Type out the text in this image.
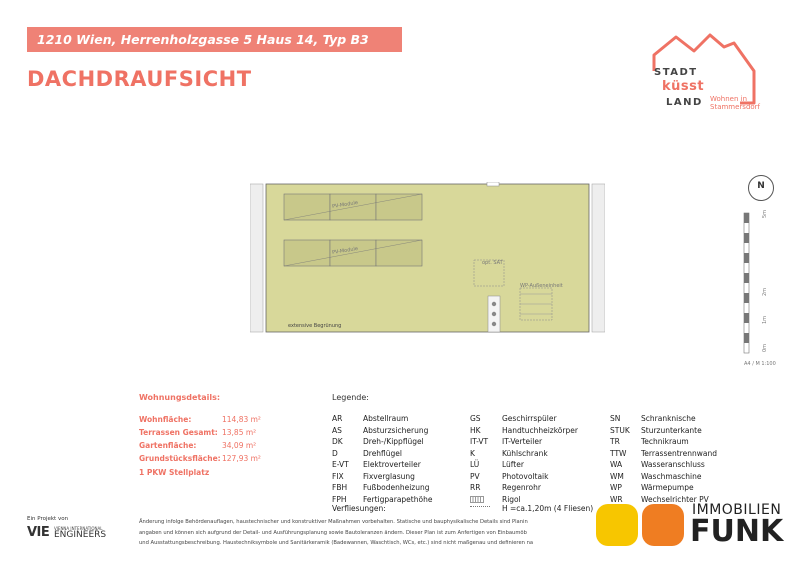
1210 Wien, Herrenholzgasse 5 Haus 14, Typ B3
DACHDRAUFSICHT	STADT
küsst
LAND Wohnen in
Stammersdorf
PV-Module
PV-Module
opt. SAT
WP-Außeneinheit
extensive Begrünung
N
5m
2m
1m
0m
A4 / M 1:100
Wohnungsdetails:
Wohnfläche:	114,83 m²
Terrassen Gesamt: 13,85 m²
Gartenfläche:	34,09 m²
Grundstücksfläche: 127,93 m²
1 PKW Stellplatz
Legende:
AR	Abstellraum
AS	Absturzsicherung
DK	Dreh-/Kippflügel
D	Drehflügel
E-VT Elektroverteiler
FIX	Fixverglasung
FBH Fußbodenheizung
FPH Fertigparapethöhe
GS	Geschirrspüler
HK	Handtuchheizkörper
IT-VT IT-Verteiler
K	Kühlschrank
LÜ	Lüfter
PV	Photovoltaik
RR	Regenrohr
Rigol
SN	Schranknische
STUK Sturzunterkante
TR	Technikraum
TTW Terrassentrennwand
WA	Wasseranschluss
WM Waschmaschine
WP	Wärmepumpe
WR Wechselrichter PV
Verfliesungen:	H =ca.1,20m (4 Fliesen)
Ein Projekt von
VIE VIENNA INTERNATIONAL
ENGINEERS
Änderung infolge Behördenauflagen, haustechnischer und konstruktiver Maßnahmen vorbehalten. Statische und bauphysikalische Details sind Planin
angaben und können sich aufgrund der Detail- und Ausführungsplanung sowie Bautoleranzen ändern. Dieser Plan ist zum Anfertigen von Einbaumöb
und Ausstattungsbeschreibung. Haustechniksymbole und Sanitärkeramik (Badewannen, Waschtisch, WCs, etc.) sind nicht maßgenau und definieren na
IMMOBILIEN
FUNK
